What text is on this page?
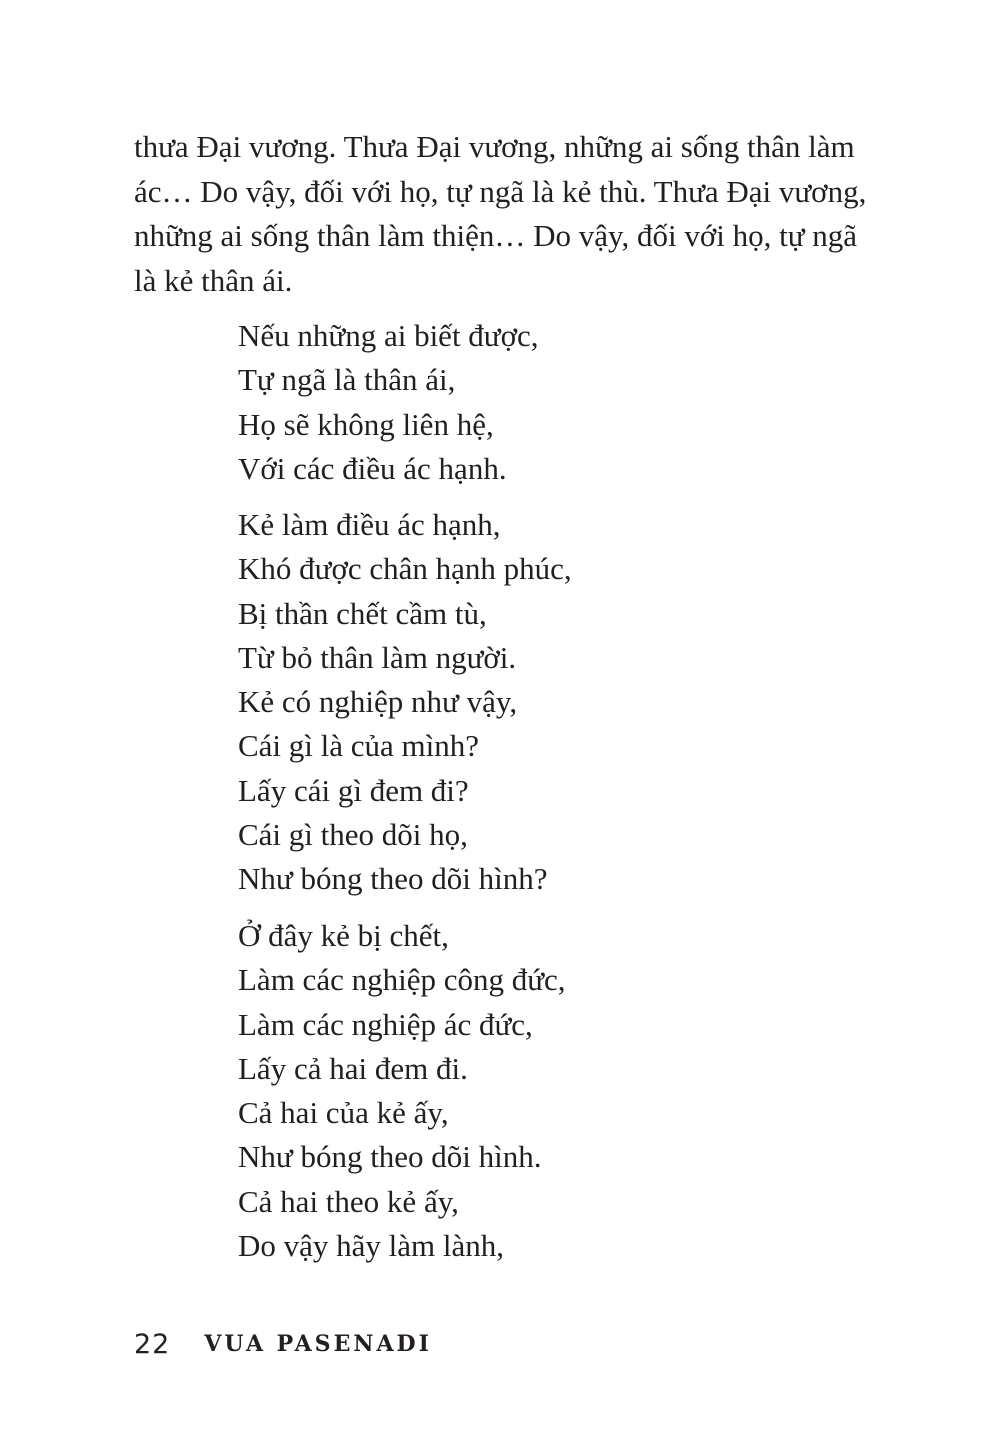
thưa Đại vương. Thưa Đại vương, những ai sống thân làm
ác… Do vậy, đối với họ, tự ngã là kẻ thù. Thưa Đại vương,
những ai sống thân làm thiện… Do vậy, đối với họ, tự ngã
là kẻ thân ái.
Nếu những ai biết được,
Tự ngã là thân ái,
Họ sẽ không liên hệ,
Với các điều ác hạnh.
Kẻ làm điều ác hạnh,
Khó được chân hạnh phúc,
Bị thần chết cầm tù,
Từ bỏ thân làm người.
Kẻ có nghiệp như vậy,
Cái gì là của mình?
Lấy cái gì đem đi?
Cái gì theo dõi họ,
Như bóng theo dõi hình?
Ở đây kẻ bị chết,
Làm các nghiệp công đức,
Làm các nghiệp ác đức,
Lấy cả hai đem đi.
Cả hai của kẻ ấy,
Như bóng theo dõi hình.
Cả hai theo kẻ ấy,
Do vậy hãy làm lành,
22 VUA PASENADI
